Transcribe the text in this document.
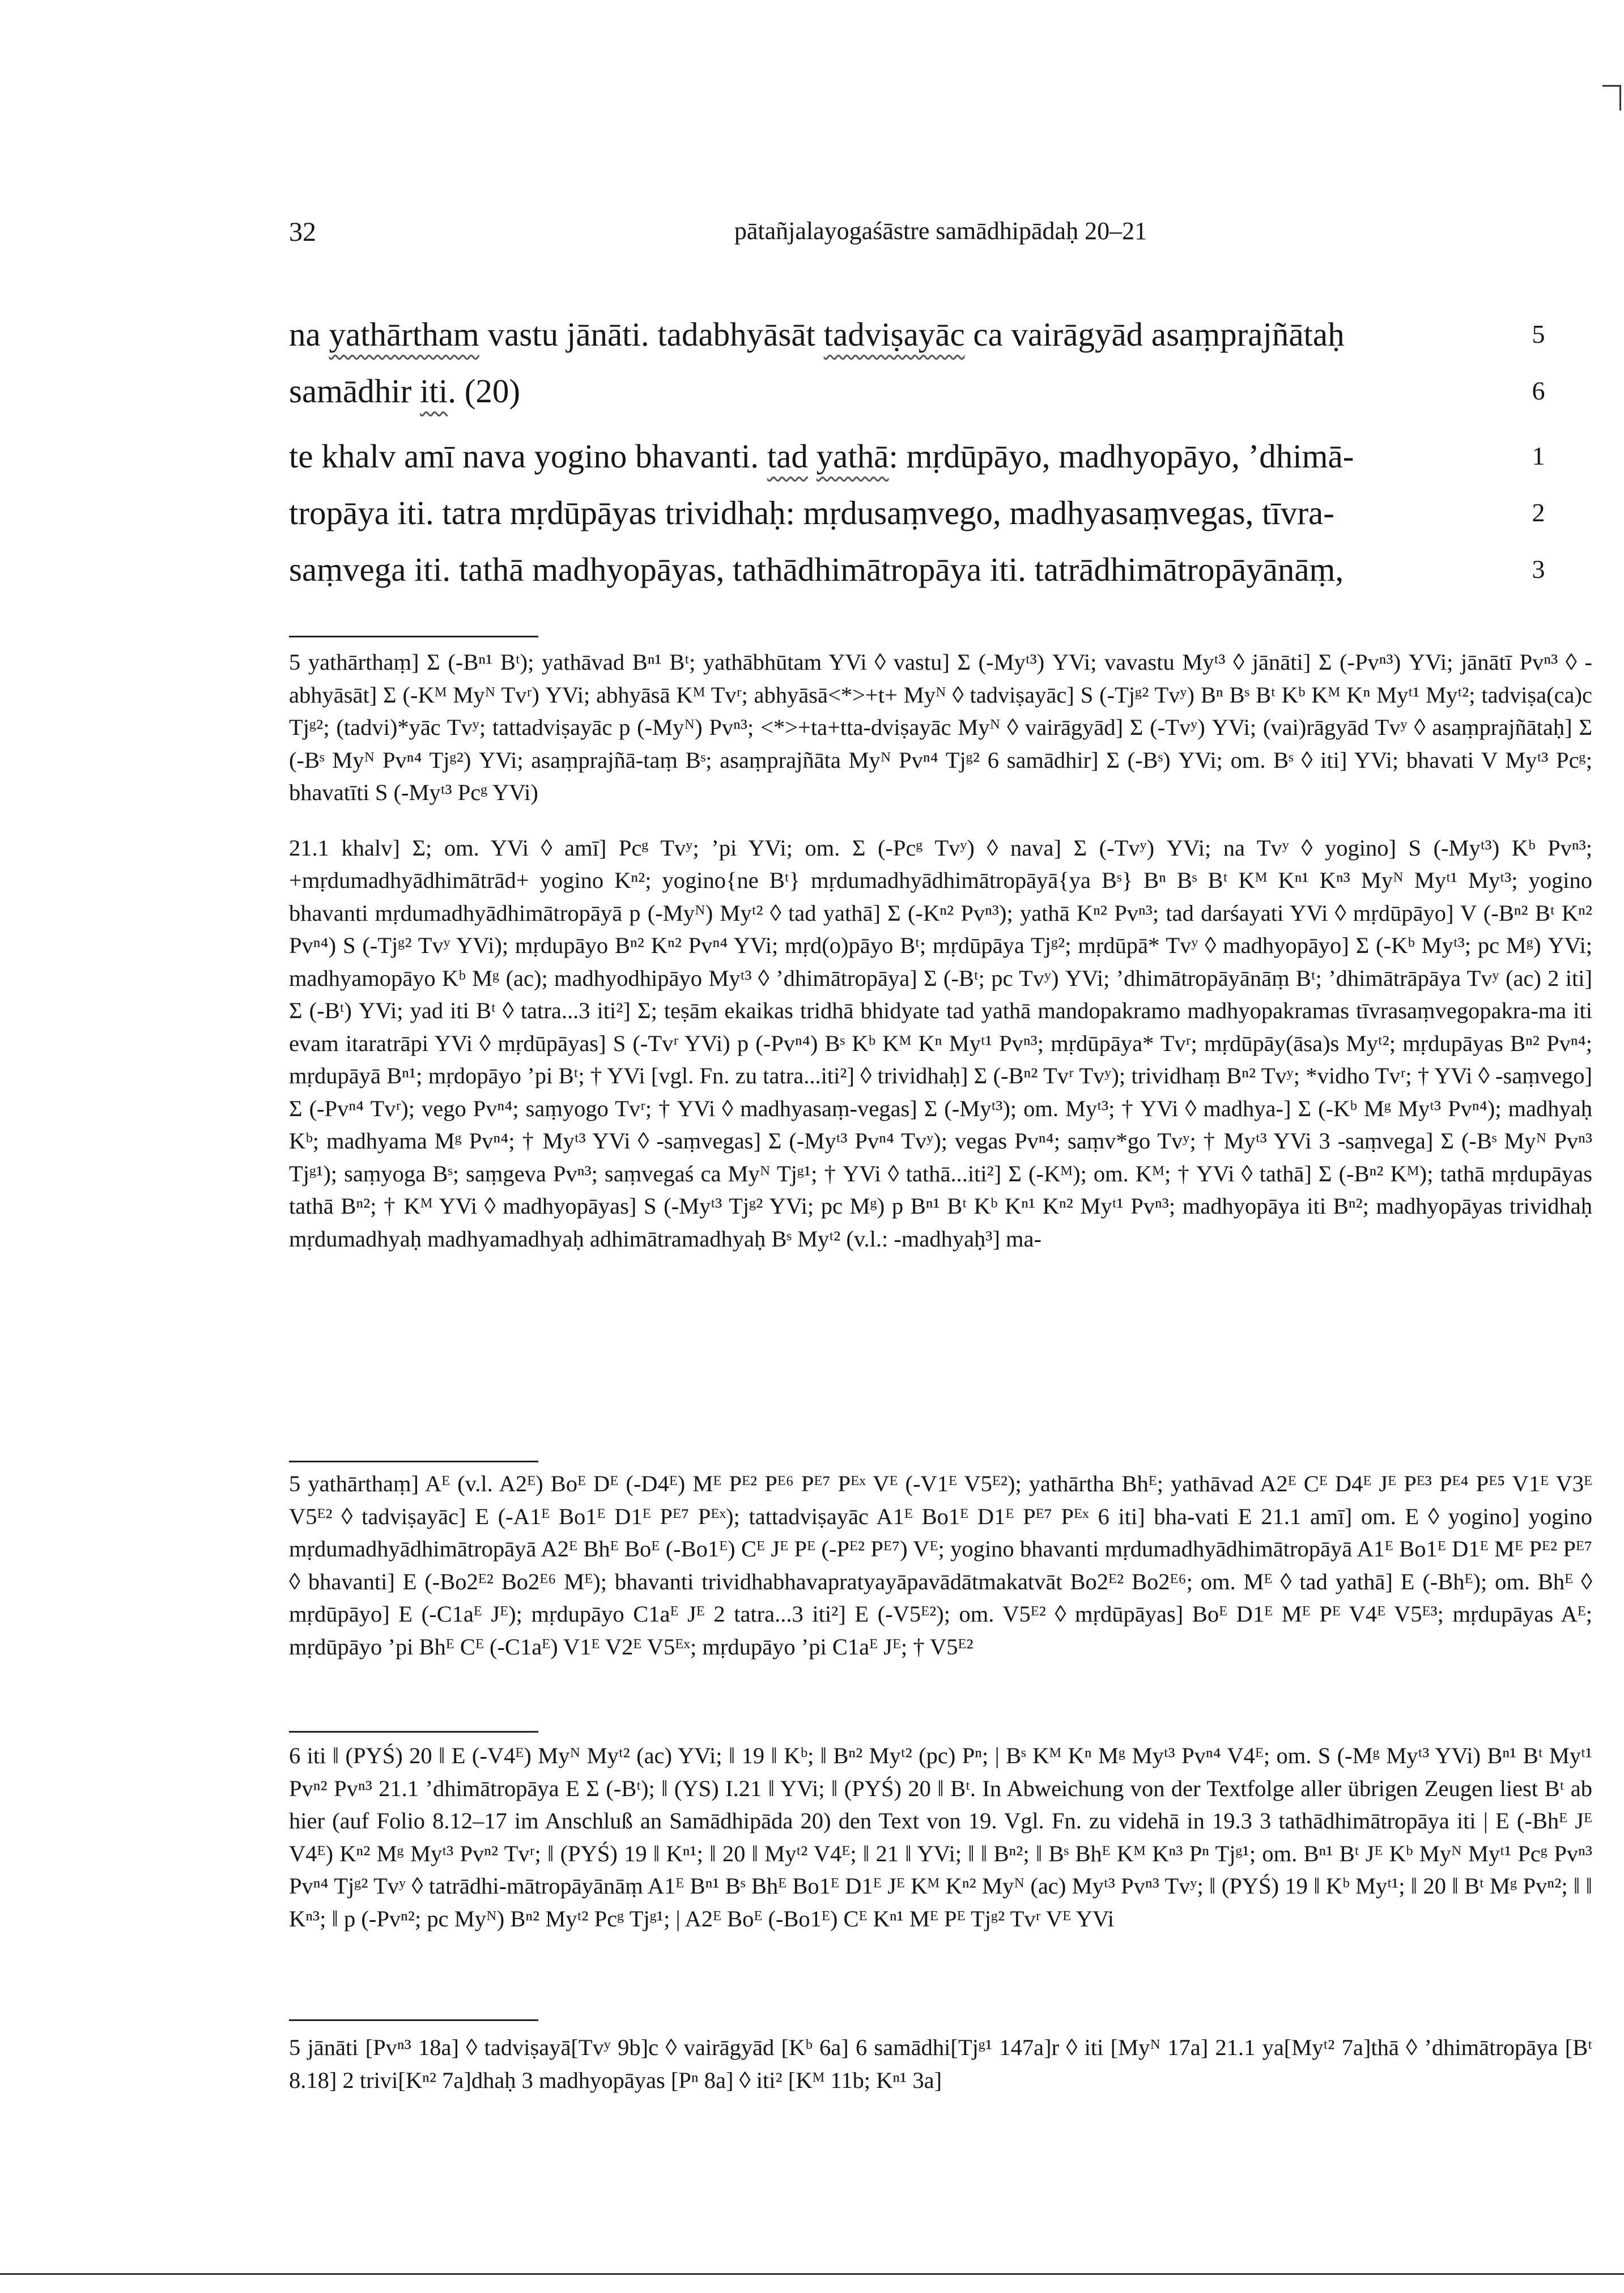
32	pātañjalayogaśāstre samādhipādaḥ 20–21
na yathārtham vastu jānāti. tadabhyāsāt tadviṣayāc ca vairāgyād asaṃprajñātaḥ	5
samādhir iti. (20)	6
te khalv amī nava yogino bhavanti. tad yathā: mṛdūpāyo, madhyopāyo, ’dhimā-	1
tropāya iti. tatra mṛdūpāyas trividhaḥ: mṛdusaṃvego, madhyasaṃvegas, tīvra-	2
saṃvega iti. tathā madhyopāyas, tathādhimātropāya iti. tatrādhimātropāyānāṃ,	3

5 yathārthaṃ] Σ (-Bⁿ¹ Bᵗ); yathāvad Bⁿ¹ Bᵗ; yathābhūtam YVi ◊ vastu] Σ (-Myᵗ³) YVi; vavastu Myᵗ³ ◊ jānāti] Σ (-Pvⁿ³) YVi; jānātī Pvⁿ³ ◊ -abhyāsāt] Σ (-Kᴹ Myᴺ Tvʳ) YVi; abhyāsā Kᴹ Tvʳ; abhyāsā<*>+t+ Myᴺ ◊ tadviṣayāc] S (-Tjᵍ² Tvʸ) Bⁿ Bˢ Bᵗ Kᵇ Kᴹ Kⁿ Myᵗ¹ Myᵗ²; tadviṣa(ca)c Tjᵍ²; (tadvi)*yāc Tvʸ; tattadviṣayāc p (-Myᴺ) Pvⁿ³; <*>+ta+tta-dviṣayāc Myᴺ ◊ vairāgyād] Σ (-Tvʸ) YVi; (vai)rāgyād Tvʸ ◊ asaṃprajñātaḥ] Σ (-Bˢ Myᴺ Pvⁿ⁴ Tjᵍ²) YVi; asaṃprajñā-taṃ Bˢ; asaṃprajñāta Myᴺ Pvⁿ⁴ Tjᵍ² 6 samādhir] Σ (-Bˢ) YVi; om. Bˢ ◊ iti] YVi; bhavati V Myᵗ³ Pcᵍ; bhavatīti S (-Myᵗ³ Pcᵍ YVi)

21.1 khalv] Σ; om. YVi ◊ amī] Pcᵍ Tvʸ; ’pi YVi; om. Σ (-Pcᵍ Tvʸ) ◊ nava] Σ (-Tvʸ) YVi; na Tvʸ ◊ yogino] S (-Myᵗ³) Kᵇ Pvⁿ³; +mṛdumadhyādhimātrād+ yogino Kⁿ²; yogino{ne Bᵗ} mṛdumadhyādhimātropāyā{ya Bˢ} Bⁿ Bˢ Bᵗ Kᴹ Kⁿ¹ Kⁿ³ Myᴺ Myᵗ¹ Myᵗ³; yogino bhavanti mṛdumadhyādhimātropāyā p (-Myᴺ) Myᵗ² ◊ tad yathā] Σ (-Kⁿ² Pvⁿ³); yathā Kⁿ² Pvⁿ³; tad darśayati YVi ◊ mṛdūpāyo] V (-Bⁿ² Bᵗ Kⁿ² Pvⁿ⁴) S (-Tjᵍ² Tvʸ YVi); mṛdupāyo Bⁿ² Kⁿ² Pvⁿ⁴ YVi; mṛd(o)pāyo Bᵗ; mṛdūpāya Tjᵍ²; mṛdūpā* Tvʸ ◊ madhyopāyo] Σ (-Kᵇ Myᵗ³; pc Mᵍ) YVi; madhyamopāyo Kᵇ Mᵍ (ac); madhyodhipāyo Myᵗ³ ◊ ’dhimātropāya] Σ (-Bᵗ; pc Tvʸ) YVi; ’dhimātropāyānāṃ Bᵗ; ’dhimātrāpāya Tvʸ (ac) 2 iti] Σ (-Bᵗ) YVi; yad iti Bᵗ ◊ tatra...3 iti²] Σ; teṣām ekaikas tridhā bhidyate tad yathā mandopakramo madhyopakramas tīvrasaṃvegopakra-ma iti evam itaratrāpi YVi ◊ mṛdūpāyas] S (-Tvʳ YVi) p (-Pvⁿ⁴) Bˢ Kᵇ Kᴹ Kⁿ Myᵗ¹ Pvⁿ³; mṛdūpāya* Tvʳ; mṛdūpāy(āsa)s Myᵗ²; mṛdupāyas Bⁿ² Pvⁿ⁴; mṛdupāyā Bⁿ¹; mṛdopāyo ’pi Bᵗ; † YVi [vgl. Fn. zu tatra...iti²] ◊ trividhaḥ] Σ (-Bⁿ² Tvʳ Tvʸ); trividhaṃ Bⁿ² Tvʸ; *vidho Tvʳ; † YVi ◊ -saṃvego] Σ (-Pvⁿ⁴ Tvʳ); vego Pvⁿ⁴; saṃyogo Tvʳ; † YVi ◊ madhyasaṃ-vegas] Σ (-Myᵗ³); om. Myᵗ³; † YVi ◊ madhya-] Σ (-Kᵇ Mᵍ Myᵗ³ Pvⁿ⁴); madhyaḥ Kᵇ; madhyama Mᵍ Pvⁿ⁴; † Myᵗ³ YVi ◊ -saṃvegas] Σ (-Myᵗ³ Pvⁿ⁴ Tvʸ); vegas Pvⁿ⁴; saṃv*go Tvʸ; † Myᵗ³ YVi 3 -saṃvega] Σ (-Bˢ Myᴺ Pvⁿ³ Tjᵍ¹); saṃyoga Bˢ; saṃgeva Pvⁿ³; saṃvegaś ca Myᴺ Tjᵍ¹; † YVi ◊ tathā...iti²] Σ (-Kᴹ); om. Kᴹ; † YVi ◊ tathā] Σ (-Bⁿ² Kᴹ); tathā mṛdupāyas tathā Bⁿ²; † Kᴹ YVi ◊ madhyopāyas] S (-Myᵗ³ Tjᵍ² YVi; pc Mᵍ) p Bⁿ¹ Bᵗ Kᵇ Kⁿ¹ Kⁿ² Myᵗ¹ Pvⁿ³; madhyopāya iti Bⁿ²; madhyopāyas trividhaḥ mṛdumadhyaḥ madhyamadhyaḥ adhimātramadhyaḥ Bˢ Myᵗ² (v.l.: -madhyaḥ³] ma-

5 yathārthaṃ] Aᴱ (v.l. A2ᴱ) Boᴱ Dᴱ (-D4ᴱ) Mᴱ Pᴱ² Pᴱ⁶ Pᴱ⁷ Pᴱˣ Vᴱ (-V1ᴱ V5ᴱ²); yathārtha Bhᴱ; yathāvad A2ᴱ Cᴱ D4ᴱ Jᴱ Pᴱ³ Pᴱ⁴ Pᴱ⁵ V1ᴱ V3ᴱ V5ᴱ² ◊ tadviṣayāc] E (-A1ᴱ Bo1ᴱ D1ᴱ Pᴱ⁷ Pᴱˣ); tattadviṣayāc A1ᴱ Bo1ᴱ D1ᴱ Pᴱ⁷ Pᴱˣ 6 iti] bha-vati E 21.1 amī] om. E ◊ yogino] yogino mṛdumadhyādhimātropāyā A2ᴱ Bhᴱ Boᴱ (-Bo1ᴱ) Cᴱ Jᴱ Pᴱ (-Pᴱ² Pᴱ⁷) Vᴱ; yogino bhavanti mṛdumadhyādhimātropāyā A1ᴱ Bo1ᴱ D1ᴱ Mᴱ Pᴱ² Pᴱ⁷ ◊ bhavanti] E (-Bo2ᴱ² Bo2ᴱ⁶ Mᴱ); bhavanti trividhabhavapratyayāpavādātmakatvāt Bo2ᴱ² Bo2ᴱ⁶; om. Mᴱ ◊ tad yathā] E (-Bhᴱ); om. Bhᴱ ◊ mṛdūpāyo] E (-C1aᴱ Jᴱ); mṛdupāyo C1aᴱ Jᴱ 2 tatra...3 iti²] E (-V5ᴱ²); om. V5ᴱ² ◊ mṛdūpāyas] Boᴱ D1ᴱ Mᴱ Pᴱ V4ᴱ V5ᴱ³; mṛdupāyas Aᴱ; mṛdūpāyo ’pi Bhᴱ Cᴱ (-C1aᴱ) V1ᴱ V2ᴱ V5ᴱˣ; mṛdupāyo ’pi C1aᴱ Jᴱ; † V5ᴱ²

6 iti ‖ (PYŚ) 20 ‖ E (-V4ᴱ) Myᴺ Myᵗ² (ac) YVi; ‖ 19 ‖ Kᵇ; ‖ Bⁿ² Myᵗ² (pc) Pⁿ; | Bˢ Kᴹ Kⁿ Mᵍ Myᵗ³ Pvⁿ⁴ V4ᴱ; om. S (-Mᵍ Myᵗ³ YVi) Bⁿ¹ Bᵗ Myᵗ¹ Pvⁿ² Pvⁿ³ 21.1 ’dhimātropāya E Σ (-Bᵗ); ‖ (YS) I.21 ‖ YVi; ‖ (PYŚ) 20 ‖ Bᵗ. In Abweichung von der Textfolge aller übrigen Zeugen liest Bᵗ ab hier (auf Folio 8.12–17 im Anschluß an Samādhipāda 20) den Text von 19. Vgl. Fn. zu videhā in 19.3 3 tathādhimātropāya iti | E (-Bhᴱ Jᴱ V4ᴱ) Kⁿ² Mᵍ Myᵗ³ Pvⁿ² Tvʳ; ‖ (PYŚ) 19 ‖ Kⁿ¹; ‖ 20 ‖ Myᵗ² V4ᴱ; ‖ 21 ‖ YVi; ‖ ‖ Bⁿ²; ‖ Bˢ Bhᴱ Kᴹ Kⁿ³ Pⁿ Tjᵍ¹; om. Bⁿ¹ Bᵗ Jᴱ Kᵇ Myᴺ Myᵗ¹ Pcᵍ Pvⁿ³ Pvⁿ⁴ Tjᵍ² Tvʸ ◊ tatrādhi-mātropāyānāṃ A1ᴱ Bⁿ¹ Bˢ Bhᴱ Bo1ᴱ D1ᴱ Jᴱ Kᴹ Kⁿ² Myᴺ (ac) Myᵗ³ Pvⁿ³ Tvʸ; ‖ (PYŚ) 19 ‖ Kᵇ Myᵗ¹; ‖ 20 ‖ Bᵗ Mᵍ Pvⁿ²; ‖ ‖ Kⁿ³; ‖ p (-Pvⁿ²; pc Myᴺ) Bⁿ² Myᵗ² Pcᵍ Tjᵍ¹; | A2ᴱ Boᴱ (-Bo1ᴱ) Cᴱ Kⁿ¹ Mᴱ Pᴱ Tjᵍ² Tvʳ Vᴱ YVi

5 jānāti [Pvⁿ³ 18a] ◊ tadviṣayā[Tvʸ 9b]c ◊ vairāgyād [Kᵇ 6a] 6 samādhi[Tjᵍ¹ 147a]r ◊ iti [Myᴺ 17a] 21.1 ya[Myᵗ² 7a]thā ◊ ’dhimātropāya [Bᵗ 8.18] 2 trivi[Kⁿ² 7a]dhaḥ 3 madhyopāyas [Pⁿ 8a] ◊ iti² [Kᴹ 11b; Kⁿ¹ 3a]
